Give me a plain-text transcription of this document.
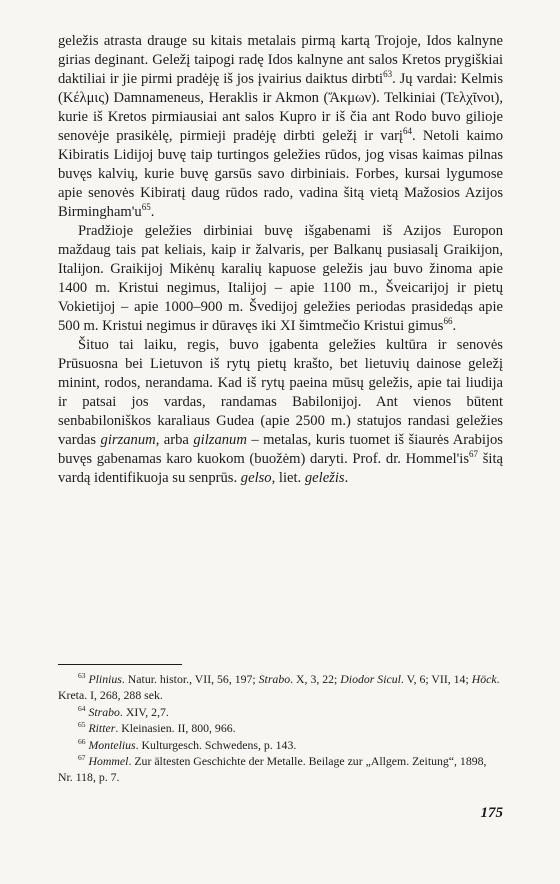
geležis atrasta drauge su kitais metalais pirmą kartą Trojoje, Idos kalnyne girias deginant. Geležį taipogi radę Idos kalnyne ant salos Kretos prygiškiai daktiliai ir jie pirmi pradėję iš jos įvairius daiktus dirbti$^{63}$. Jų vardai: Kelmis (Κέλμις) Damnameneus, Heraklis ir Akmon (Ἄκμων). Telkiniai (Τελχῖνοι), kurie iš Kretos pirmiausiai ant salos Kupro ir iš čia ant Rodo buvo gilioje senovėje prasikėlę, pirmieji pradėję dirbti geležį ir varį$^{64}$. Netoli kaimo Kibiratis Lidijoj buvę taip turtingos geležies rūdos, jog visas kaimas pilnas buvęs kalvių, kurie buvę garsūs savo dirbiniais. Forbes, kursai lygumose apie senovės Kibiratį daug rūdos rado, vadina šitą vietą Mažosios Azijos $Birmingham'u^{65}$.

Pradžioje geležies dirbiniai buvę išgabenami iš Azijos Europon maždaug tais pat keliais, kaip ir žalvaris, per Balkanų pusiasalį Graikijon, Italijon. Graikijoj Mikėnų karalių kapuose geležis jau buvo žinoma apie 1400 m. Kristui negimus, Italijoj – apie 1100 m., Šveicarijoj ir pietų Vokietijoj – apie 1000–900 m. Švedijoj geležies periodas prasidedąs apie 500 m. Kristui negimus ir dūravęs iki XI šimtmečio Kristui gimus$^{66}$.

Šituo tai laiku, regis, buvo įgabenta geležies kultūra ir senovės Prūsuosna bei Lietuvon iš rytų pietų krašto, bet lietuvių dainose geležį minint, rodos, nerandama. Kad iš rytų paeina mūsų geležis, apie tai liudija ir patsai jos vardas, randamas Babilonijoj. Ant vienos būtent senbabiloniškos karaliaus Gudea (apie 2500 m.) statujos randasi geležies vardas girzanum, arba gilzanum – metalas, kuris tuomet iš šiaurės Arabijos buvęs gabenamas karo kuokom (buožėm) daryti. Prof. dr. $Hommel'is^{67}$ šitą vardą identifikuoja su senprūs. gelso, liet. geležis.

$^{63}$ Plinius. Natur. histor., VII, 56, 197; Strabo. X, 3, 22; Diodor Sicul. V, 6; VII, 14; Höck. Kreta. I, 268, 288 sek.

$^{64}$ Strabo. XIV, 2,7.

$^{65}$ Ritter. Kleinasien. II, 800, 966.

$^{66}$ Montelius. Kulturgesch. Schwedens, p. 143.

$^{67}$ Hommel. Zur ältesten Geschichte der Metalle. Beilage zur „Allgem. Zeitung“, 1898, Nr. 118, p. 7.

175
